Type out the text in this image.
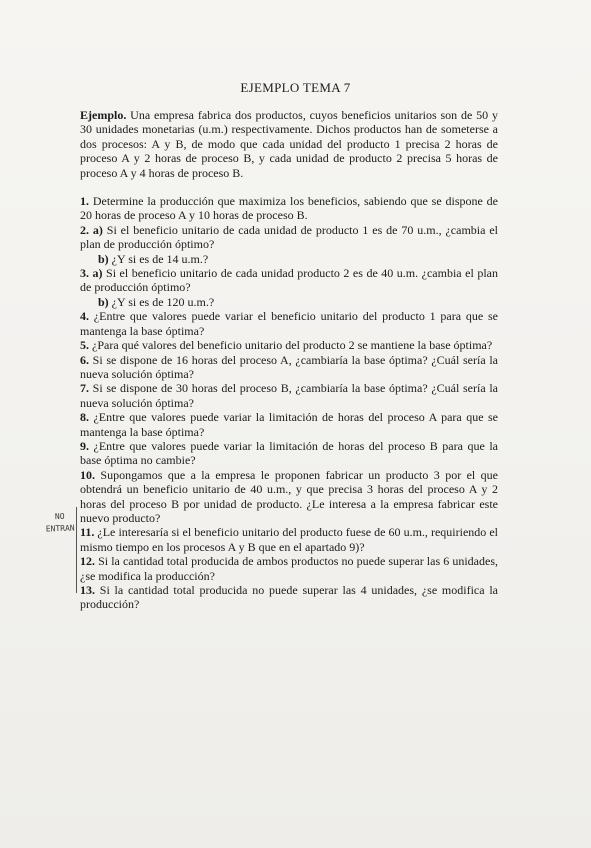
EJEMPLO TEMA 7
NO
ENTRAN

Ejemplo. Una empresa fabrica dos productos, cuyos beneficios unitarios son de 50 y 30 unidades monetarias (u.m.) respectivamente. Dichos productos han de someterse a dos procesos: A y B, de modo que cada unidad del producto 1 precisa 2 horas de proceso A y 2 horas de proceso B, y cada unidad de producto 2 precisa 5 horas de proceso A y 4 horas de proceso B.

1. Determine la producción que maximiza los beneficios, sabiendo que se dispone de 20 horas de proceso A y 10 horas de proceso B.

2. a) Si el beneficio unitario de cada unidad de producto 1 es de 70 u.m., ¿cambia el plan de producción óptimo?

b) ¿Y si es de 14 u.m.?

3. a) Si el beneficio unitario de cada unidad producto 2 es de 40 u.m. ¿cambia el plan de producción óptimo?

b) ¿Y si es de 120 u.m.?

4. ¿Entre que valores puede variar el beneficio unitario del producto 1 para que se mantenga la base óptima?

5. ¿Para qué valores del beneficio unitario del producto 2 se mantiene la base óptima?

6. Si se dispone de 16 horas del proceso A, ¿cambiaría la base óptima? ¿Cuál sería la nueva solución óptima?

7. Si se dispone de 30 horas del proceso B, ¿cambiaría la base óptima? ¿Cuál sería la nueva solución óptima?

8. ¿Entre que valores puede variar la limitación de horas del proceso A para que se mantenga la base óptima?

9. ¿Entre que valores puede variar la limitación de horas del proceso B para que la base óptima no cambie?

10. Supongamos que a la empresa le proponen fabricar un producto 3 por el que obtendrá un beneficio unitario de 40 u.m., y que precisa 3 horas del proceso A y 2 horas del proceso B por unidad de producto. ¿Le interesa a la empresa fabricar este nuevo producto?

11. ¿Le interesaría si el beneficio unitario del producto fuese de 60 u.m., requiriendo el mismo tiempo en los procesos A y B que en el apartado 9)?

12. Si la cantidad total producida de ambos productos no puede superar las 6 unidades, ¿se modifica la producción?

13. Si la cantidad total producida no puede superar las 4 unidades, ¿se modifica la producción?
